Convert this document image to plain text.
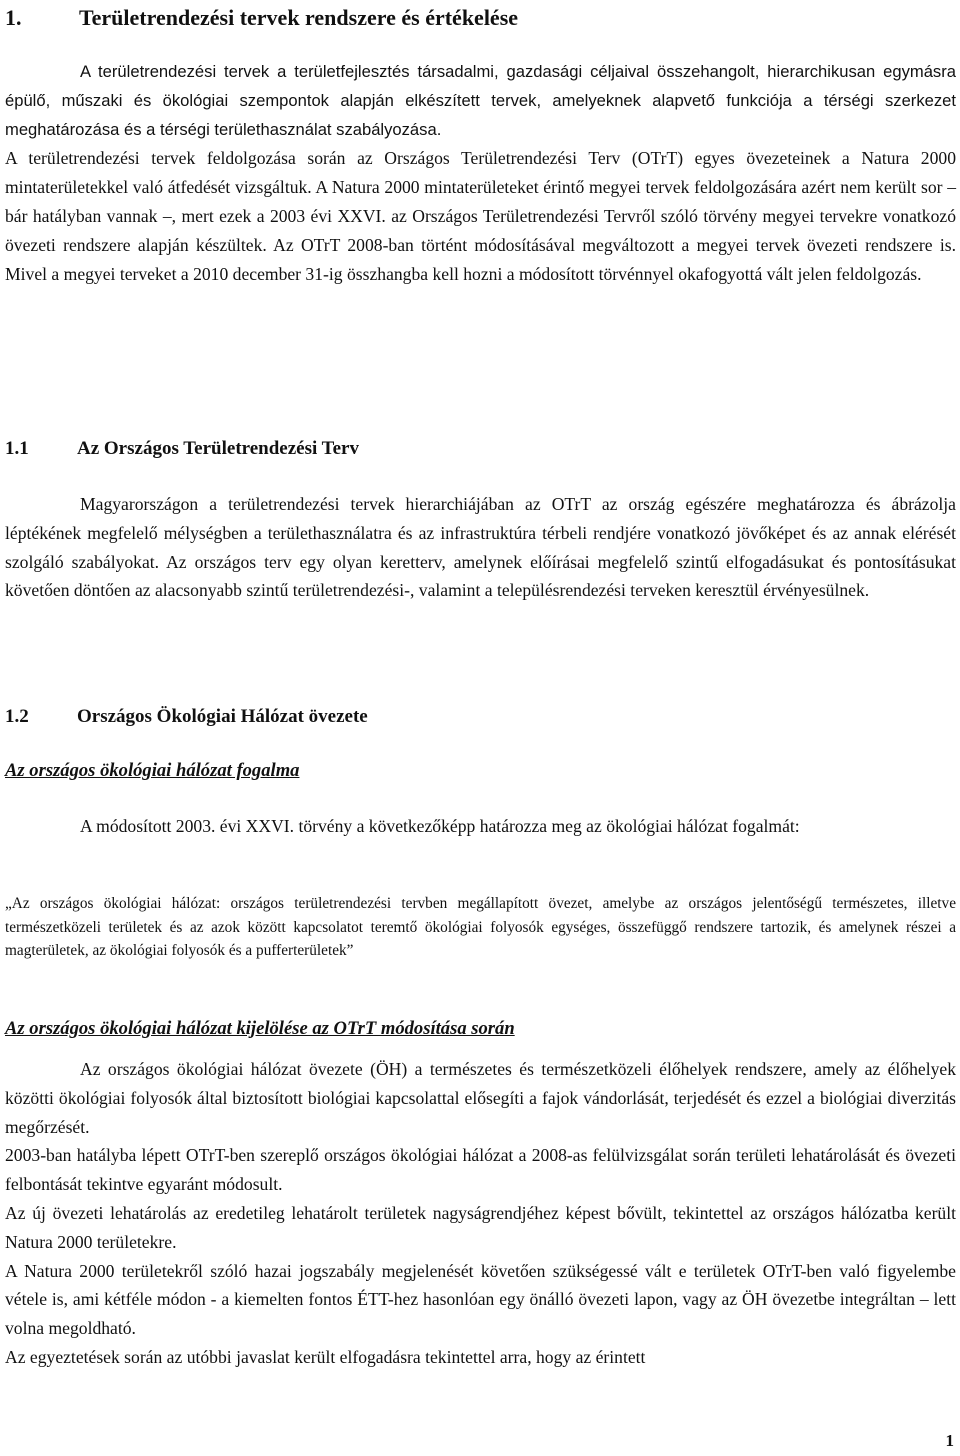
1.	Területrendezési tervek rendszere és értékelése

A területrendezési tervek a területfejlesztés társadalmi, gazdasági céljaival összehangolt, hierarchikusan egymásra épülő, műszaki és ökológiai szempontok alapján elkészített tervek, amelyeknek alapvető funkciója a térségi szerkezet meghatározása és a térségi területhasználat szabályozása.

A területrendezési tervek feldolgozása során az Országos Területrendezési Terv (OTrT) egyes övezeteinek a Natura 2000 mintaterületekkel való átfedését vizsgáltuk. A Natura 2000 mintaterületeket érintő megyei tervek feldolgozására azért nem került sor – bár hatályban vannak –, mert ezek a 2003 évi XXVI. az Országos Területrendezési Tervről szóló törvény megyei tervekre vonatkozó övezeti rendszere alapján készültek. Az OTrT 2008-ban történt módosításával megváltozott a megyei tervek övezeti rendszere is. Mivel a megyei terveket a 2010 december 31-ig összhangba kell hozni a módosított törvénnyel okafogyottá vált jelen feldolgozás.

1.1	Az Országos Területrendezési Terv

Magyarországon a területrendezési tervek hierarchiájában az OTrT az ország egészére meghatározza és ábrázolja léptékének megfelelő mélységben a területhasználatra és az infrastruktúra térbeli rendjére vonatkozó jövőképet és az annak elérését szolgáló szabályokat. Az országos terv egy olyan keretterv, amelynek előírásai megfelelő szintű elfogadásukat és pontosításukat követően döntően az alacsonyabb szintű területrendezési-, valamint a településrendezési terveken keresztül érvényesülnek.

1.2	Országos Ökológiai Hálózat övezete
Az országos ökológiai hálózat fogalma

A módosított 2003. évi XXVI. törvény a következőképp határozza meg az ökológiai hálózat fogalmát:

„Az országos ökológiai hálózat: országos területrendezési tervben megállapított övezet, amelybe az országos jelentőségű természetes, illetve természetközeli területek és az azok között kapcsolatot teremtő ökológiai folyosók egységes, összefüggő rendszere tartozik, és amelynek részei a magterületek, az ökológiai folyosók és a pufferterületek”

Az országos ökológiai hálózat kijelölése az OTrT módosítása során

Az országos ökológiai hálózat övezete (ÖH) a természetes és természetközeli élőhelyek rendszere, amely az élőhelyek közötti ökológiai folyosók által biztosított biológiai kapcsolattal elősegíti a fajok vándorlását, terjedését és ezzel a biológiai diverzitás megőrzését.

2003-ban hatályba lépett OTrT-ben szereplő országos ökológiai hálózat a 2008-as felülvizsgálat során területi lehatárolását és övezeti felbontását tekintve egyaránt módosult.

Az új övezeti lehatárolás az eredetileg lehatárolt területek nagyságrendjéhez képest bővült, tekintettel az országos hálózatba került Natura 2000 területekre.

A Natura 2000 területekről szóló hazai jogszabály megjelenését követően szükségessé vált e területek OTrT-ben való figyelembe vétele is, ami kétféle módon - a kiemelten fontos ÉTT-hez hasonlóan egy önálló övezeti lapon, vagy az ÖH övezetbe integráltan – lett volna megoldható.

Az egyeztetések során az utóbbi javaslat került elfogadásra tekintettel arra, hogy az érintett

1
